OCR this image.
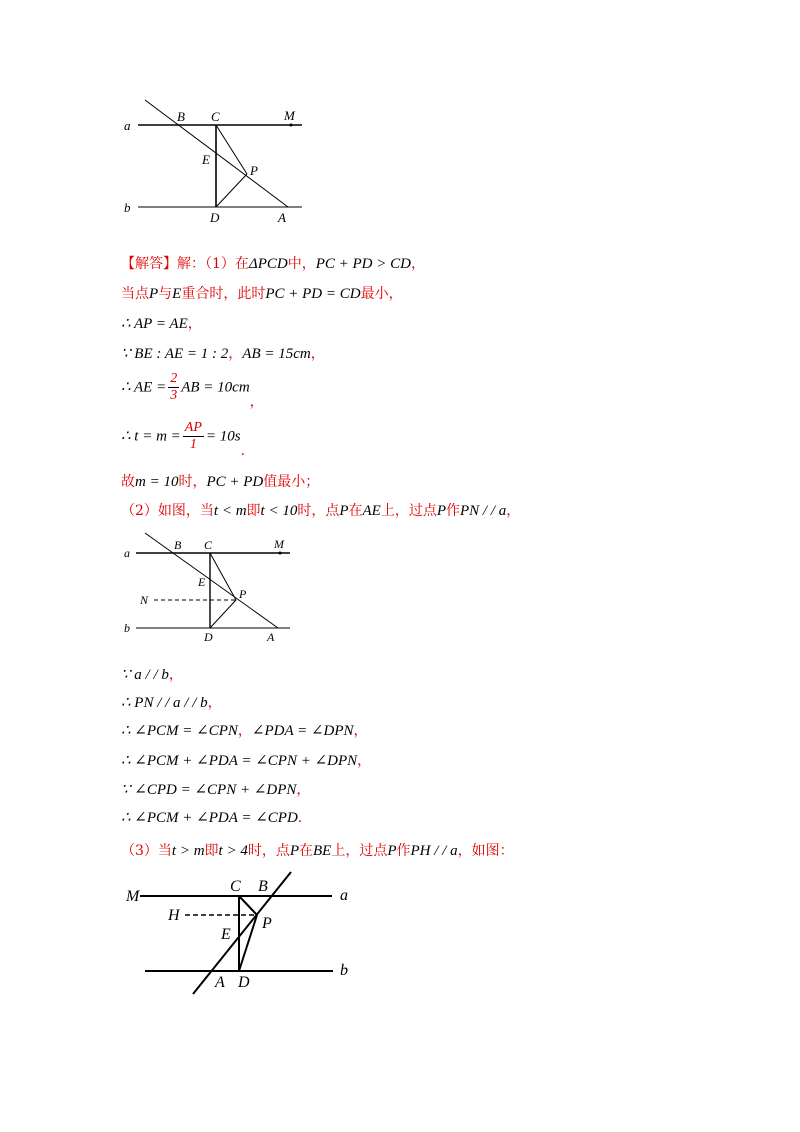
a
b
B C	M
E
P
D	A
【解答】解：（1）在ΔPCD中，PC + PD > CD，
当点P与E重合时，此时PC + PD = CD最小，
∴ AP = AE，
∵ BE : AE = 1 : 2，AB = 15cm，
∴ AE = $\frac{2}{3}$ AB = 10cm，
∴ $t = m = \frac{AP}{1} = 10s$.
故m = 10时，PC + PD值最小；
（2）如图，当t < m即t < 10时，点P在AE上，过点P作PN / / a，
a
b
B C	M
E
N	P
D	A
∵ a / / b，
∴ PN / / a / / b，
∴ ∠PCM = ∠CPN，∠PDA = ∠DPN，
∴ ∠PCM + ∠PDA = ∠CPN + ∠DPN，
∵ ∠CPD = ∠CPN + ∠DPN，
∴ ∠PCM + ∠PDA = ∠CPD.
（3）当t > m即t > 4时，点P在BE上，过点P作PH / / a，如图：
M
C B
a
H	P
E
b
A D
